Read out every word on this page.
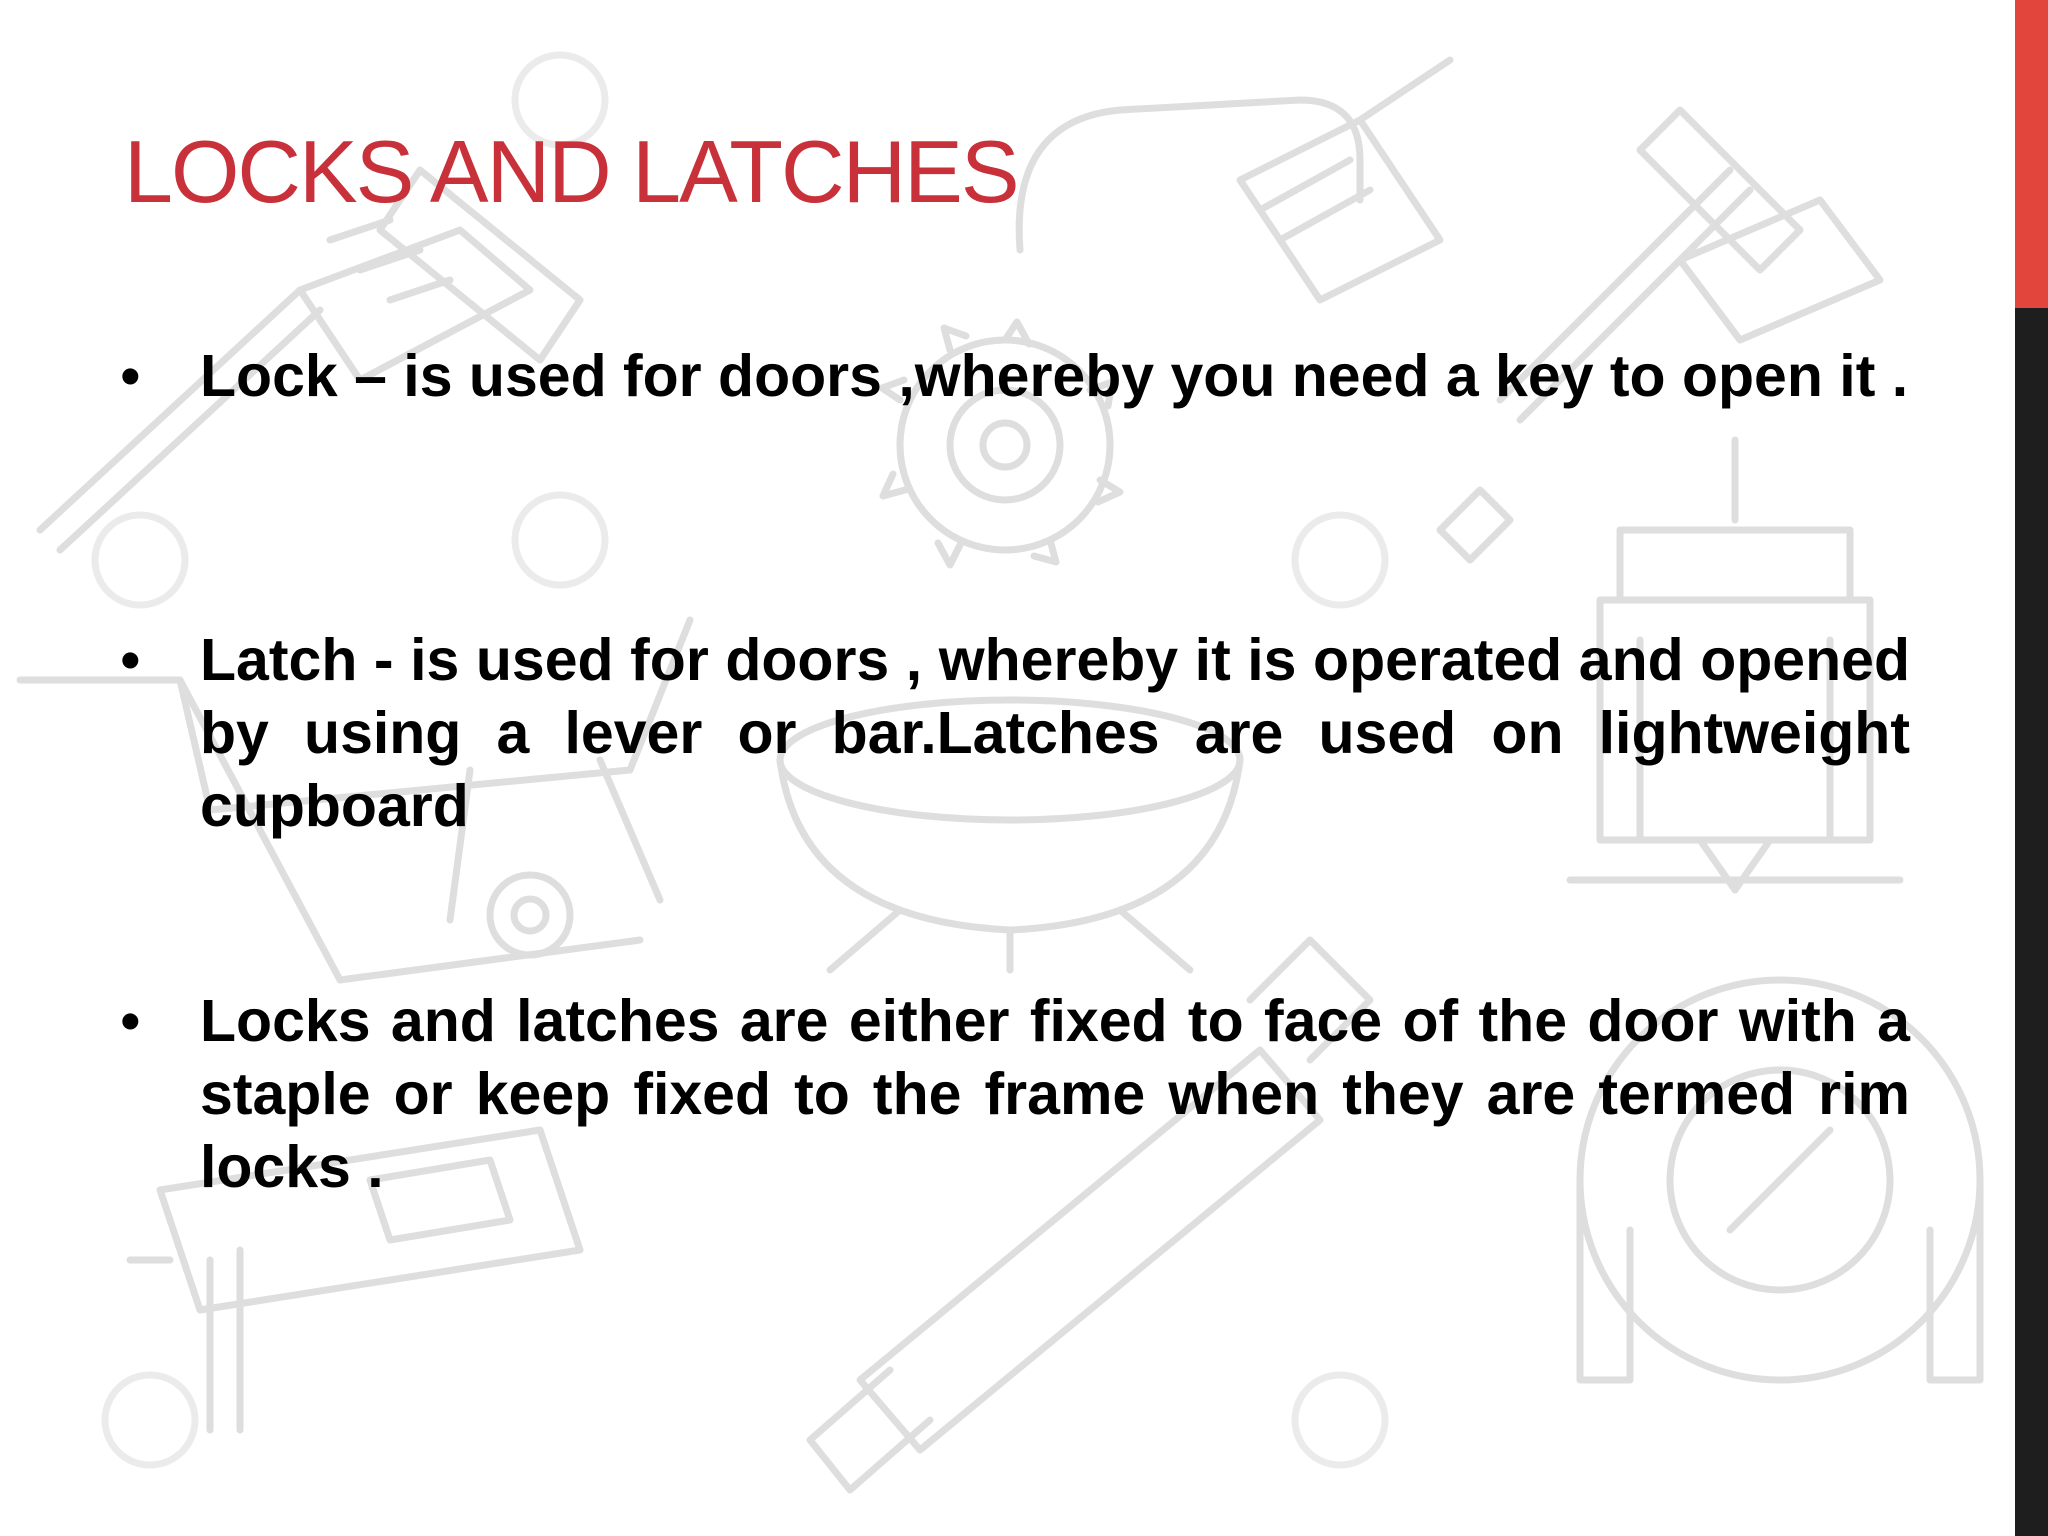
LOCKS AND LATCHES
•	Lock – is used for doors ,whereby you need a key to open it .
•	Latch - is used for doors , whereby it is operated and opened by using a lever or bar.Latches are used on lightweight cupboard
•	Locks and latches are either fixed to face of the door with a staple or keep fixed to the frame when they are termed rim locks .
